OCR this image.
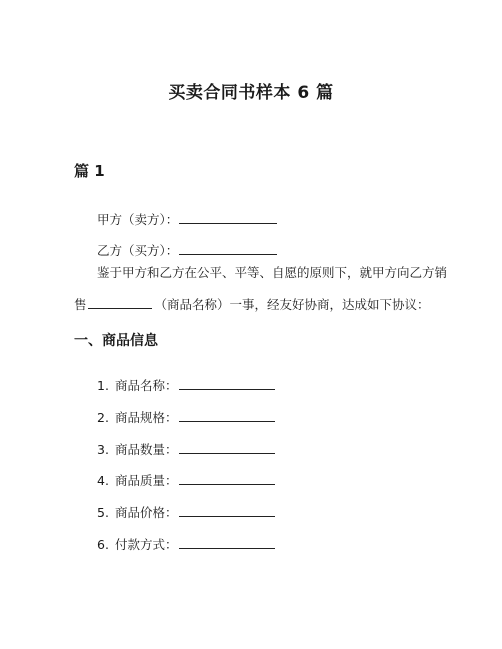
买卖合同书样本 6 篇
篇 1

甲方（卖方）：

乙方（买方）：

鉴于甲方和乙方在公平、平等、自愿的原则下，就甲方向乙方销

售	（商品名称）一事，经友好协商，达成如下协议：

一、商品信息

1. 商品名称：

2. 商品规格：

3. 商品数量：

4. 商品质量：

5. 商品价格：

6. 付款方式：
